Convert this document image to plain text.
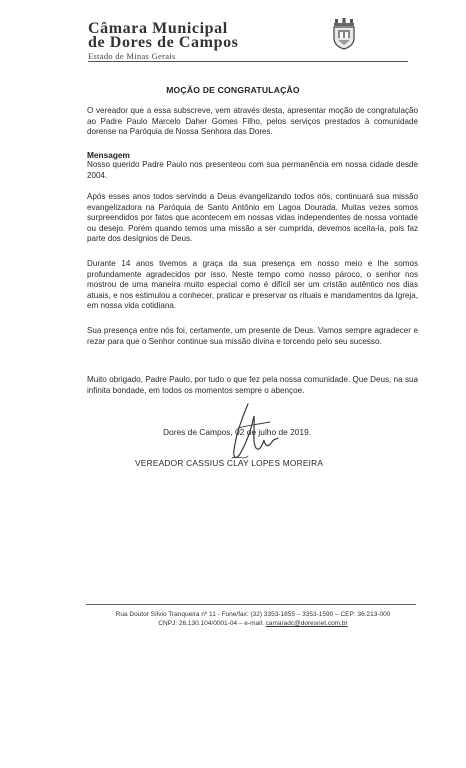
Câmara Municipal
de Dores de Campos
Estado de Minas Gerais
MOÇÃO DE CONGRATULAÇÃO

O vereador que a essa subscreve, vem através desta, apresentar moção de congratulação ao Padre Paulo Marcelo Daher Gomes Filho, pelos serviços prestados à comunidade dorense na Paróquia de Nossa Senhora das Dores.

Mensagem

Nosso querido Padre Paulo nos presenteou com sua permanência em nossa cidade desde 2004.

Após esses anos todos servindo a Deus evangelizando todos nós, continuará sua missão evangelizadora na Paróquia de Santo Antônio em Lagoa Dourada. Muitas vezes somos surpreendidos por fatos que acontecem em nossas vidas independentes de nossa vontade ou desejo. Porém quando temos uma missão a ser cumprida, devemos aceita-la, pois faz parte dos desígnios de Deus.

Durante 14 anos tivemos a graça da sua presença em nosso meio e lhe somos profundamente agradecidos por isso. Neste tempo como nosso pároco, o senhor nos mostrou de uma maneira muito especial como é difícil ser um cristão autêntico nos dias atuais, e nos estimulou a conhecer, praticar e preservar os rituais e mandamentos da Igreja, em nossa vida cotidiana.

Sua presença entre nós foi, certamente, um presente de Deus. Vamos sempre agradecer e rezar para que o Senhor continue sua missão divina e torcendo pelo seu sucesso.

Muito obrigado, Padre Paulo, por tudo o que fez pela nossa comunidade. Que Deus, na sua infinita bondade, em todos os momentos sempre o abençoe.

Dores de Campos, 02 de julho de 2019.
VEREADOR CASSIUS CLAY LOPES MOREIRA
Rua Doutor Sílvio Tranqueira nº 11 - Fone/fax: (32) 3353-1855 – 3353-1590 – CEP: 36.213-000
CNPJ: 26.130.104/0001-04 – e-mail: camaradc@doresnet.com.br
